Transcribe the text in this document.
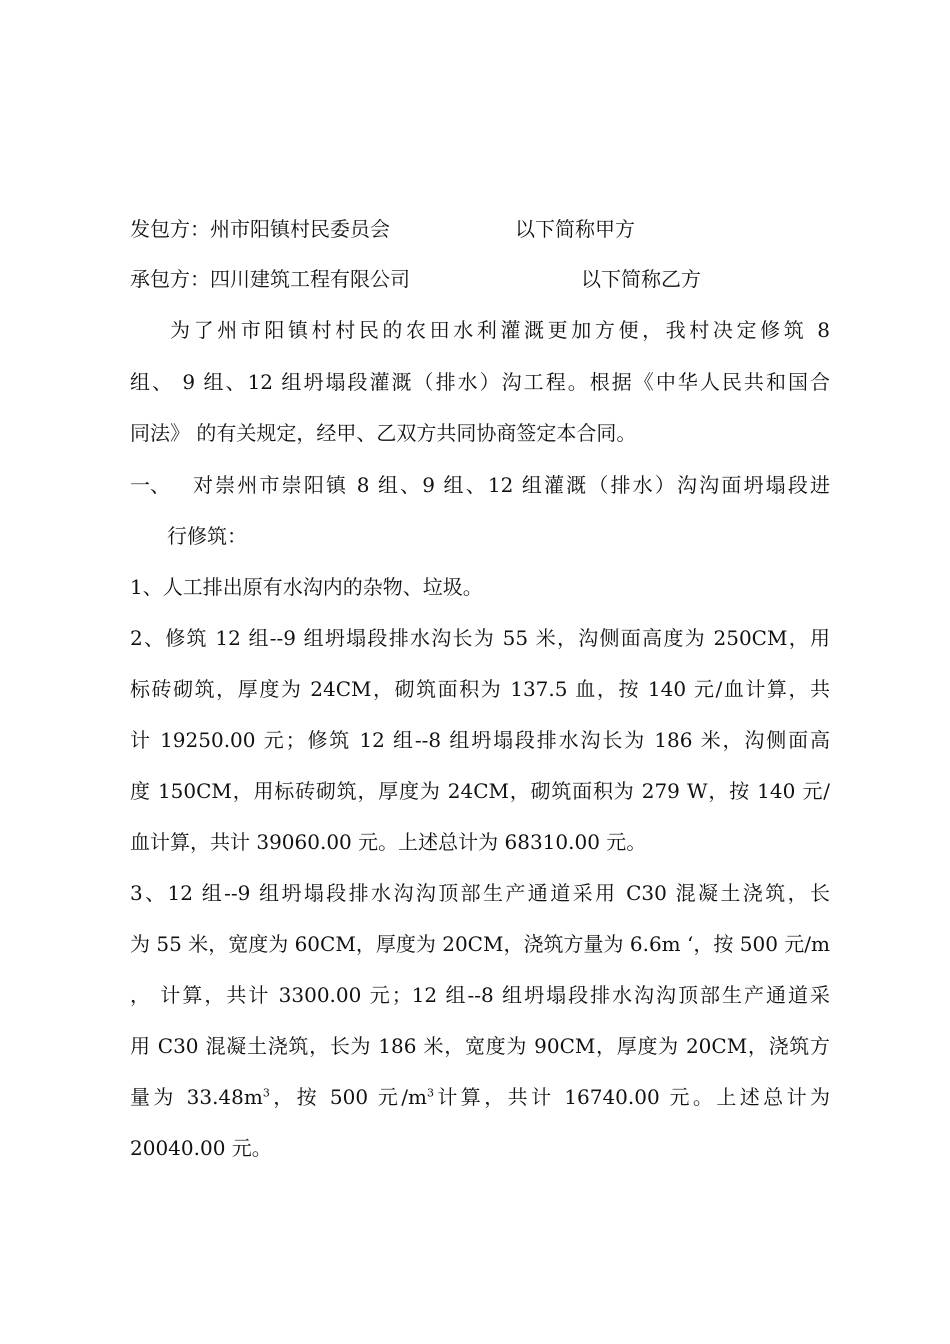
发包方：州市阳镇村民委员会	以下简称甲方
承包方：四川建筑工程有限公司	以下简称乙方
为了州市阳镇村村民的农田水利灌溉更加方便，我村决定修筑 8
组、 9 组、12 组坍塌段灌溉（排水）沟工程。根据《中华人民共和国合
同法》 的有关规定，经甲、乙双方共同协商签定本合同。
一、	对崇州市崇阳镇 8 组、9 组、12 组灌溉（排水）沟沟面坍塌段进
行修筑：
1、人工排出原有水沟内的杂物、垃圾。
2、修筑 12 组--9 组坍塌段排水沟长为 55 米，沟侧面高度为 250CM，用
标砖砌筑，厚度为 24CM，砌筑面积为 137.5 血，按 140 元/血计算，共
计 19250.00 元；修筑 12 组--8 组坍塌段排水沟长为 186 米，沟侧面高
度 150CM，用标砖砌筑，厚度为 24CM，砌筑面积为 279 W，按 140 元/
血计算，共计 39060.00 元。上述总计为 68310.00 元。
3、12 组--9 组坍塌段排水沟沟顶部生产通道采用 C30 混凝土浇筑，长
为 55 米，宽度为 60CM，厚度为 20CM，浇筑方量为 6.6m ‘，按 500 元/m
， 计算，共计 3300.00 元；12 组--8 组坍塌段排水沟沟顶部生产通道采
用 C30 混凝土浇筑，长为 186 米，宽度为 90CM，厚度为 20CM，浇筑方
量为 $33.48m^3$，按 500 元$/m^3$计算，共计 16740.00 元。上述总计为
20040.00 元。
